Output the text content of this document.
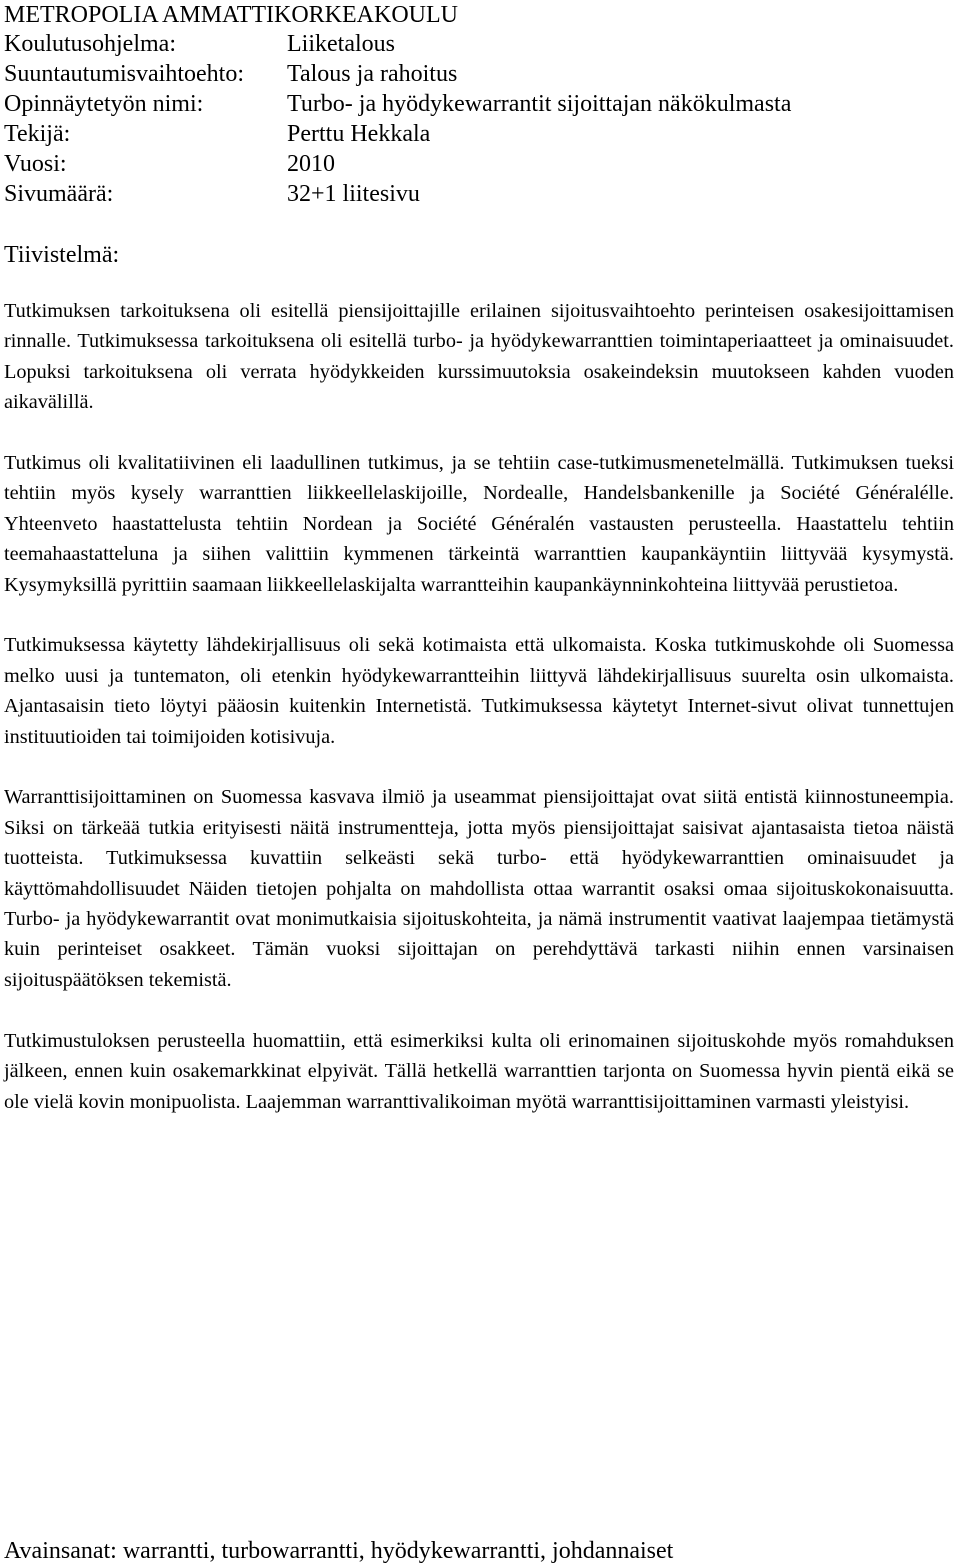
METROPOLIA AMMATTIKORKEAKOULU
Koulutusohjelma:	Liiketalous
Suuntautumisvaihtoehto: Talous ja rahoitus
Opinnäytetyön nimi:	Turbo- ja hyödykewarrantit sijoittajan näkökulmasta
Tekijä:	Perttu Hekkala
Vuosi:	2010
Sivumäärä:	32+1 liitesivu
Tiivistelmä:

Tutkimuksen tarkoituksena oli esitellä piensijoittajille erilainen sijoitusvaihtoehto perinteisen osakesijoittamisen rinnalle. Tutkimuksessa tarkoituksena oli esitellä turbo- ja hyödykewarranttien toimintaperiaatteet ja ominaisuudet. Lopuksi tarkoituksena oli verrata hyödykkeiden kurssimuutoksia osakeindeksin muutokseen kahden vuoden aikavälillä.

Tutkimus oli kvalitatiivinen eli laadullinen tutkimus, ja se tehtiin case-tutkimusmenetelmällä. Tutkimuksen tueksi tehtiin myös kysely warranttien liikkeellelaskijoille, Nordealle, Handelsbankenille ja Société Généralélle. Yhteenveto haastattelusta tehtiin Nordean ja Société Généralén vastausten perusteella. Haastattelu tehtiin teemahaastatteluna ja siihen valittiin kymmenen tärkeintä warranttien kaupankäyntiin liittyvää kysymystä. Kysymyksillä pyrittiin saamaan liikkeellelaskijalta warrantteihin kaupankäynninkohteina liittyvää perustietoa.

Tutkimuksessa käytetty lähdekirjallisuus oli sekä kotimaista että ulkomaista. Koska tutkimuskohde oli Suomessa melko uusi ja tuntematon, oli etenkin hyödykewarrantteihin liittyvä lähdekirjallisuus suurelta osin ulkomaista. Ajantasaisin tieto löytyi pääosin kuitenkin Internetistä. Tutkimuksessa käytetyt Internet-sivut olivat tunnettujen instituutioiden tai toimijoiden kotisivuja.

Warranttisijoittaminen on Suomessa kasvava ilmiö ja useammat piensijoittajat ovat siitä entistä kiinnostuneempia. Siksi on tärkeää tutkia erityisesti näitä instrumentteja, jotta myös piensijoittajat saisivat ajantasaista tietoa näistä tuotteista. Tutkimuksessa kuvattiin selkeästi sekä turbo- että hyödykewarranttien ominaisuudet ja käyttömahdollisuudet Näiden tietojen pohjalta on mahdollista ottaa warrantit osaksi omaa sijoituskokonaisuutta. Turbo- ja hyödykewarrantit ovat monimutkaisia sijoituskohteita, ja nämä instrumentit vaativat laajempaa tietämystä kuin perinteiset osakkeet. Tämän vuoksi sijoittajan on perehdyttävä tarkasti niihin ennen varsinaisen sijoituspäätöksen tekemistä.

Tutkimustuloksen perusteella huomattiin, että esimerkiksi kulta oli erinomainen sijoituskohde myös romahduksen jälkeen, ennen kuin osakemarkkinat elpyivät. Tällä hetkellä warranttien tarjonta on Suomessa hyvin pientä eikä se ole vielä kovin monipuolista. Laajemman warranttivalikoiman myötä warranttisijoittaminen varmasti yleistyisi.

Avainsanat: warrantti, turbowarrantti, hyödykewarrantti, johdannaiset
